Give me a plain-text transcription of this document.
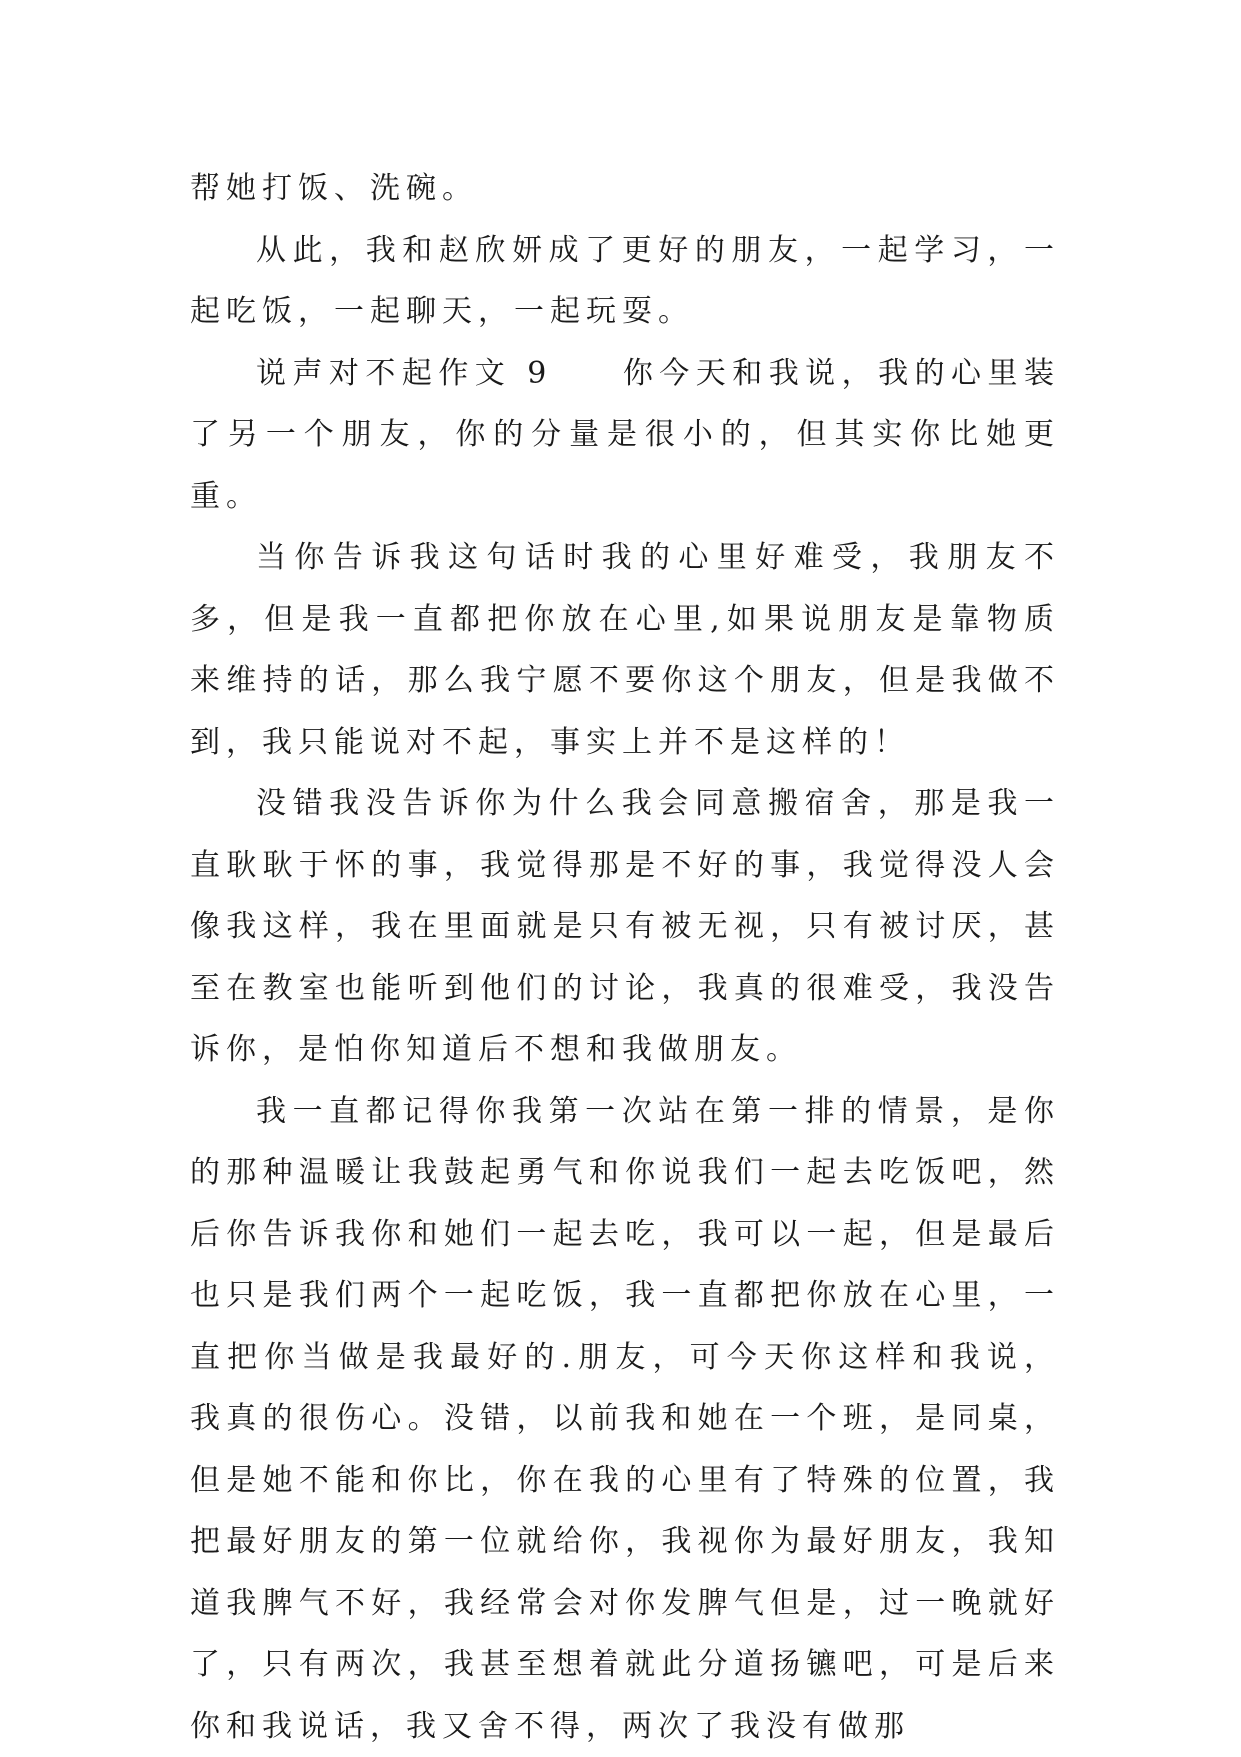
帮她打饭、洗碗。

从此，我和赵欣妍成了更好的朋友，一起学习，一起吃饭，一起聊天，一起玩耍。

说声对不起作文 9 你今天和我说，我的心里装了另一个朋友，你的分量是很小的，但其实你比她更重。

当你告诉我这句话时我的心里好难受，我朋友不多，但是我一直都把你放在心里,如果说朋友是靠物质来维持的话，那么我宁愿不要你这个朋友，但是我做不到，我只能说对不起，事实上并不是这样的！

没错我没告诉你为什么我会同意搬宿舍，那是我一直耿耿于怀的事，我觉得那是不好的事，我觉得没人会像我这样，我在里面就是只有被无视，只有被讨厌，甚至在教室也能听到他们的讨论，我真的很难受，我没告诉你，是怕你知道后不想和我做朋友。

我一直都记得你我第一次站在第一排的情景，是你的那种温暖让我鼓起勇气和你说我们一起去吃饭吧，然后你告诉我你和她们一起去吃，我可以一起，但是最后也只是我们两个一起吃饭，我一直都把你放在心里，一直把你当做是我最好的.朋友，可今天你这样和我说，我真的很伤心。没错，以前我和她在一个班，是同桌，但是她不能和你比，你在我的心里有了特殊的位置，我把最好朋友的第一位就给你，我视你为最好朋友，我知道我脾气不好，我经常会对你发脾气但是，过一晚就好了，只有两次，我甚至想着就此分道扬镳吧，可是后来你和我说话，我又舍不得，两次了我没有做那
